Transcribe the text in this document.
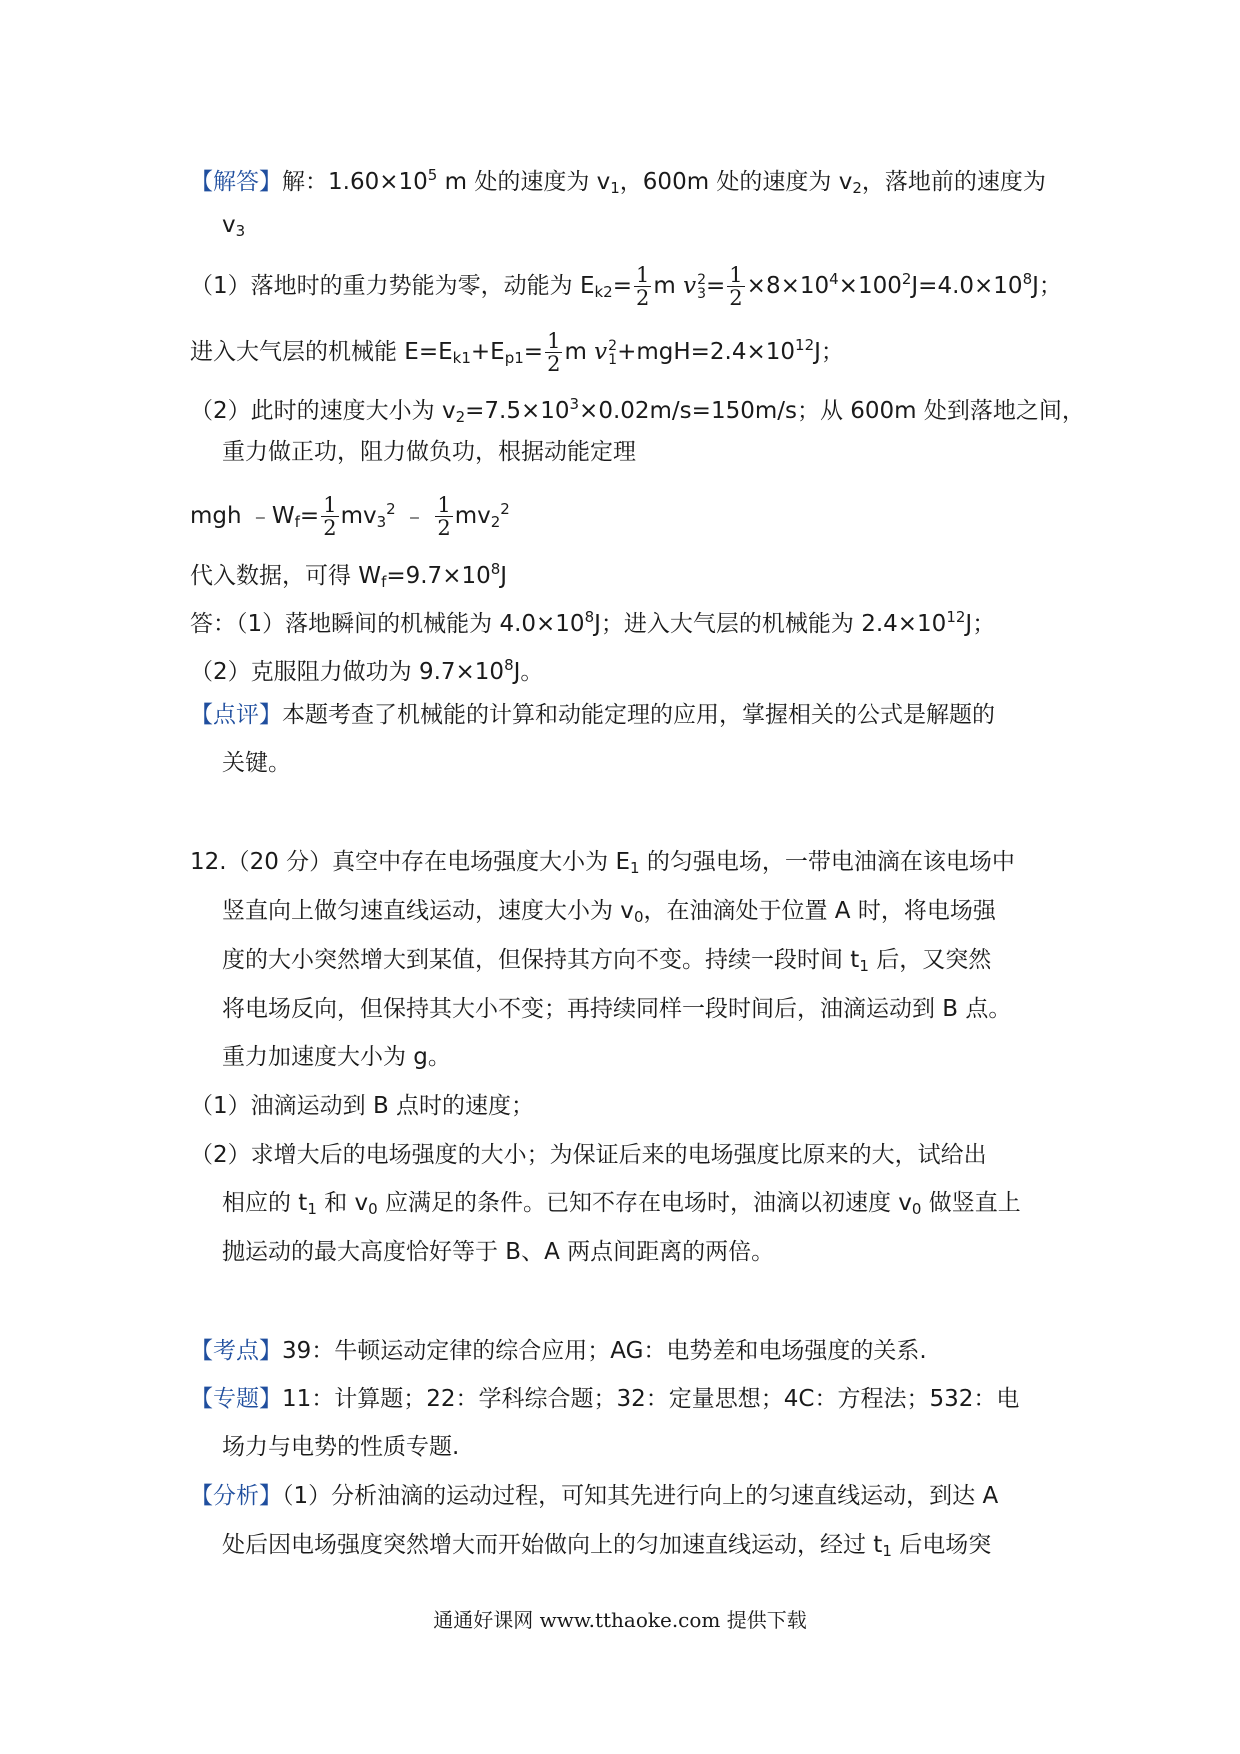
【解答】解：$1.60\times 10^5$ m 处的速度为 $v_1$，600m 处的速度为 $v_2$，落地前的速度为
$v_3$
（1）落地时的重力势能为零，动能为 $E_{k2}= \frac{1}{2}$ m v 2
$3 = \frac{1}{2} \times 8\times 10^4\times 100^2J=4.0\times 10^8J$；
进入大气层的机械能 $E=E_{k1}+E_{p1}= \frac{1}{2}$ m v 2
$1 +mgH=2.4\times 10^{12}J$；
（2）此时的速度大小为 $v_2=7.5\times 10^3\times 0.02m/s=150m/s$；从 600m 处到落地之间，
重力做正功，阻力做负功，根据动能定理
mgh $﹣W_f= \frac{1}{2} mv_3^2$ ﹣ $\frac{1}{2} mv_2^2$
代入数据，可得 $W_f=9.7\times 10^8J$
答：（1）落地瞬间的机械能为 $4.0\times 10^8J$；进入大气层的机械能为 $2.4\times 10^{12}J$；
（2）克服阻力做功为 $9.7\times 10^8J$。
【点评】本题考查了机械能的计算和动能定理的应用，掌握相关的公式是解题的
关键。
12.（20 分）真空中存在电场强度大小为 $E_1$ 的匀强电场，一带电油滴在该电场中
竖直向上做匀速直线运动，速度大小为 $v_0$，在油滴处于位置 A 时，将电场强
度的大小突然增大到某值，但保持其方向不变。持续一段时间 $t_1$ 后，又突然
将电场反向，但保持其大小不变；再持续同样一段时间后，油滴运动到 B 点。
重力加速度大小为 g。
（1）油滴运动到 B 点时的速度；
（2）求增大后的电场强度的大小；为保证后来的电场强度比原来的大，试给出
相应的 $t_1$ 和 $v_0$ 应满足的条件。已知不存在电场时，油滴以初速度 $v_0$ 做竖直上
抛运动的最大高度恰好等于 B、A 两点间距离的两倍。
【考点】39：牛顿运动定律的综合应用；AG：电势差和电场强度的关系.
【专题】11：计算题；22：学科综合题；32：定量思想；4C：方程法；532：电
场力与电势的性质专题.
【分析】（1）分析油滴的运动过程，可知其先进行向上的匀速直线运动，到达 A
处后因电场强度突然增大而开始做向上的匀加速直线运动，经过 $t_1$ 后电场突
通通好课网 www.tthaoke.com 提供下载
